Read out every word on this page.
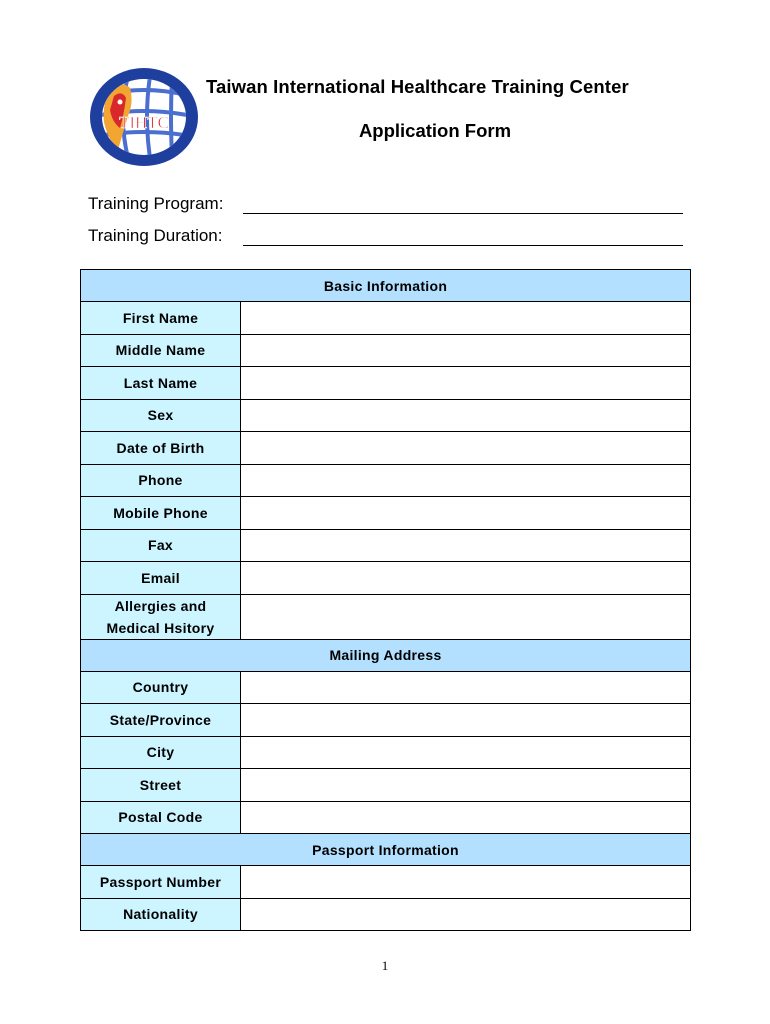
TIHTC
Taiwan International Healthcare Training Center
Application Form
Training Program:
Training Duration:
Basic Information	
First Name	
Middle Name	
Last Name	
Sex	
Date of Birth	
Phone	
Mobile Phone	
Fax	
Email	

Allergies and
Medical Hsitory	

Mailing Address	
Country	
State/Province	
City	
Street	
Postal Code	
Passport Information	
Passport Number	
Nationality	
1
